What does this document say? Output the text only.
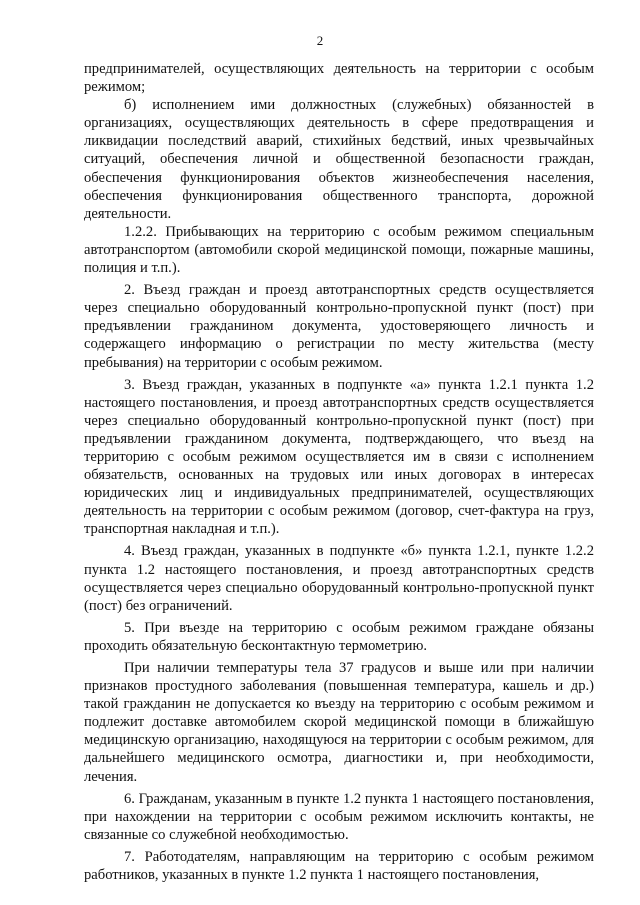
2

предпринимателей, осуществляющих деятельность на территории с особым режимом;

б) исполнением ими должностных (служебных) обязанностей в организациях, осуществляющих деятельность в сфере предотвращения и ликвидации последствий аварий, стихийных бедствий, иных чрезвычайных ситуаций, обеспечения личной и общественной безопасности граждан, обеспечения функционирования объектов жизнеобеспечения населения, обеспечения функционирования общественного транспорта, дорожной деятельности.

1.2.2. Прибывающих на территорию с особым режимом специальным автотранспортом (автомобили скорой медицинской помощи, пожарные машины, полиция и т.п.).

2. Въезд граждан и проезд автотранспортных средств осуществляется через специально оборудованный контрольно-пропускной пункт (пост) при предъявлении гражданином документа, удостоверяющего личность и содержащего информацию о регистрации по месту жительства (месту пребывания) на территории с особым режимом.

3. Въезд граждан, указанных в подпункте «а» пункта 1.2.1 пункта 1.2 настоящего постановления, и проезд автотранспортных средств осуществляется через специально оборудованный контрольно-пропускной пункт (пост) при предъявлении гражданином документа, подтверждающего, что въезд на территорию с особым режимом осуществляется им в связи с исполнением обязательств, основанных на трудовых или иных договорах в интересах юридических лиц и индивидуальных предпринимателей, осуществляющих деятельность на территории с особым режимом (договор, счет-фактура на груз, транспортная накладная и т.п.).

4. Въезд граждан, указанных в подпункте «б» пункта 1.2.1, пункте 1.2.2 пункта 1.2 настоящего постановления, и проезд автотранспортных средств осуществляется через специально оборудованный контрольно-пропускной пункт (пост) без ограничений.

5. При въезде на территорию с особым режимом граждане обязаны проходить обязательную бесконтактную термометрию.

При наличии температуры тела 37 градусов и выше или при наличии признаков простудного заболевания (повышенная температура, кашель и др.) такой гражданин не допускается ко въезду на территорию с особым режимом и подлежит доставке автомобилем скорой медицинской помощи в ближайшую медицинскую организацию, находящуюся на территории с особым режимом, для дальнейшего медицинского осмотра, диагностики и, при необходимости, лечения.

6. Гражданам, указанным в пункте 1.2 пункта 1 настоящего постановления, при нахождении на территории с особым режимом исключить контакты, не связанные со служебной необходимостью.

7. Работодателям, направляющим на территорию с особым режимом работников, указанных в пункте 1.2 пункта 1 настоящего постановления,
